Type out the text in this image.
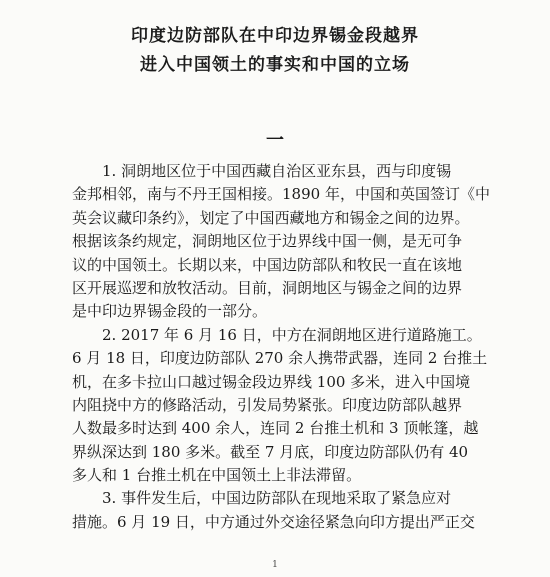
印度边防部队在中印边界锡金段越界
进入中国领土的事实和中国的立场
一
1. 洞朗地区位于中国西藏自治区亚东县，西与印度锡
金邦相邻，南与不丹王国相接。1890 年，中国和英国签订《中
英会议藏印条约》，划定了中国西藏地方和锡金之间的边界。
根据该条约规定，洞朗地区位于边界线中国一侧，是无可争
议的中国领土。长期以来，中国边防部队和牧民一直在该地
区开展巡逻和放牧活动。目前，洞朗地区与锡金之间的边界
是中印边界锡金段的一部分。
2. 2017 年 6 月 16 日，中方在洞朗地区进行道路施工。
6 月 18 日，印度边防部队 270 余人携带武器，连同 2 台推土
机，在多卡拉山口越过锡金段边界线 100 多米，进入中国境
内阻挠中方的修路活动，引发局势紧张。印度边防部队越界
人数最多时达到 400 余人，连同 2 台推土机和 3 顶帐篷，越
界纵深达到 180 多米。截至 7 月底，印度边防部队仍有 40
多人和 1 台推土机在中国领土上非法滞留。
3. 事件发生后，中国边防部队在现地采取了紧急应对
措施。6 月 19 日，中方通过外交途径紧急向印方提出严正交
1
